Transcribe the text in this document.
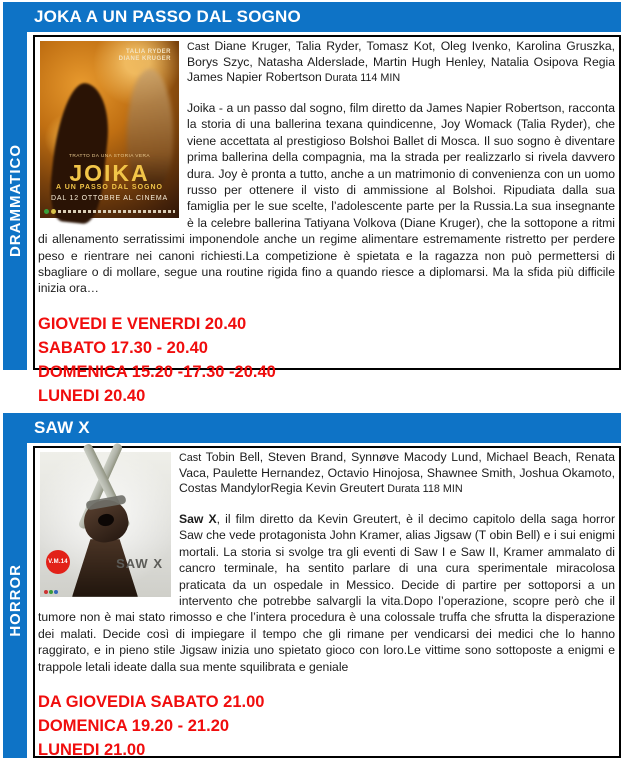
JOKA A UN PASSO DAL SOGNO
DRAMMATICO
TALIA RYDER
DIANE KRUGER
TRATTO DA UNA STORIA VERA
JOIKA
A UN PASSO DAL SOGNO
DAL 12 OTTOBRE AL CINEMA

Cast Diane Kruger, Talia Ryder, Tomasz Kot, Oleg Ivenko, Karolina Gruszka, Borys Szyc, Natasha Alderslade, Martin Hugh Henley, Natalia Osipova Regia James Napier Robertson Durata 114 MIN

Joika - a un passo dal sogno, film diretto da James Napier Robertson, racconta la storia di una ballerina texana quindicenne, Joy Womack (Talia Ryder), che viene accettata al prestigioso Bolshoi Ballet di Mosca. Il suo sogno è diventare prima ballerina della compagnia, ma la strada per realizzarlo si rivela davvero dura. Joy è pronta a tutto, anche a un matrimonio di convenienza con un uomo russo per ottenere il visto di ammissione al Bolshoi. Ripudiata dalla sua famiglia per le sue scelte, l’adolescente parte per la Russia.La sua insegnante è la celebre ballerina Tatiyana Volkova (Diane Kruger), che la sottopone a ritmi di allenamento serratissimi imponendole anche un regime alimentare estremamente ristretto per perdere peso e rientrare nei canoni richiesti.La competizione è spietata e la ragazza non può permettersi di sbagliare o di mollare, segue una routine rigida fino a quando riesce a diplomarsi. Ma la sfida più difficile inizia ora…

GIOVEDI E VENERDI 20.40
SABATO 17.30 - 20.40
DOMENICA 15.20 -17.30 -20.40
LUNEDI 20.40
SAW X
HORROR
V.M.14	SAW X

Cast Tobin Bell, Steven Brand, Synnøve Macody Lund, Michael Beach, Renata Vaca, Paulette Hernandez, Octavio Hinojosa, Shawnee Smith, Joshua Okamoto, Costas MandylorRegia Kevin Greutert Durata 118 MIN

Saw X, il film diretto da Kevin Greutert, è il decimo capitolo della saga horror Saw che vede protagonista John Kramer, alias Jigsaw (T obin Bell) e i sui enigmi mortali. La storia si svolge tra gli eventi di Saw I e Saw II, Kramer ammalato di cancro terminale, ha sentito parlare di una cura sperimentale miracolosa praticata da un ospedale in Messico. Decide di partire per sottoporsi a un intervento che potrebbe salvargli la vita.Dopo l’operazione, scopre però che il tumore non è mai stato rimosso e che l’intera procedura è una colossale truffa che sfrutta la disperazione dei malati. Decide così di impiegare il tempo che gli rimane per vendicarsi dei medici che lo hanno raggirato, e in pieno stile Jigsaw inizia uno spietato gioco con loro.Le vittime sono sottoposte a enigmi e trappole letali ideate dalla sua mente squilibrata e geniale

DA GIOVEDIA SABATO 21.00
DOMENICA 19.20 - 21.20
LUNEDI 21.00
